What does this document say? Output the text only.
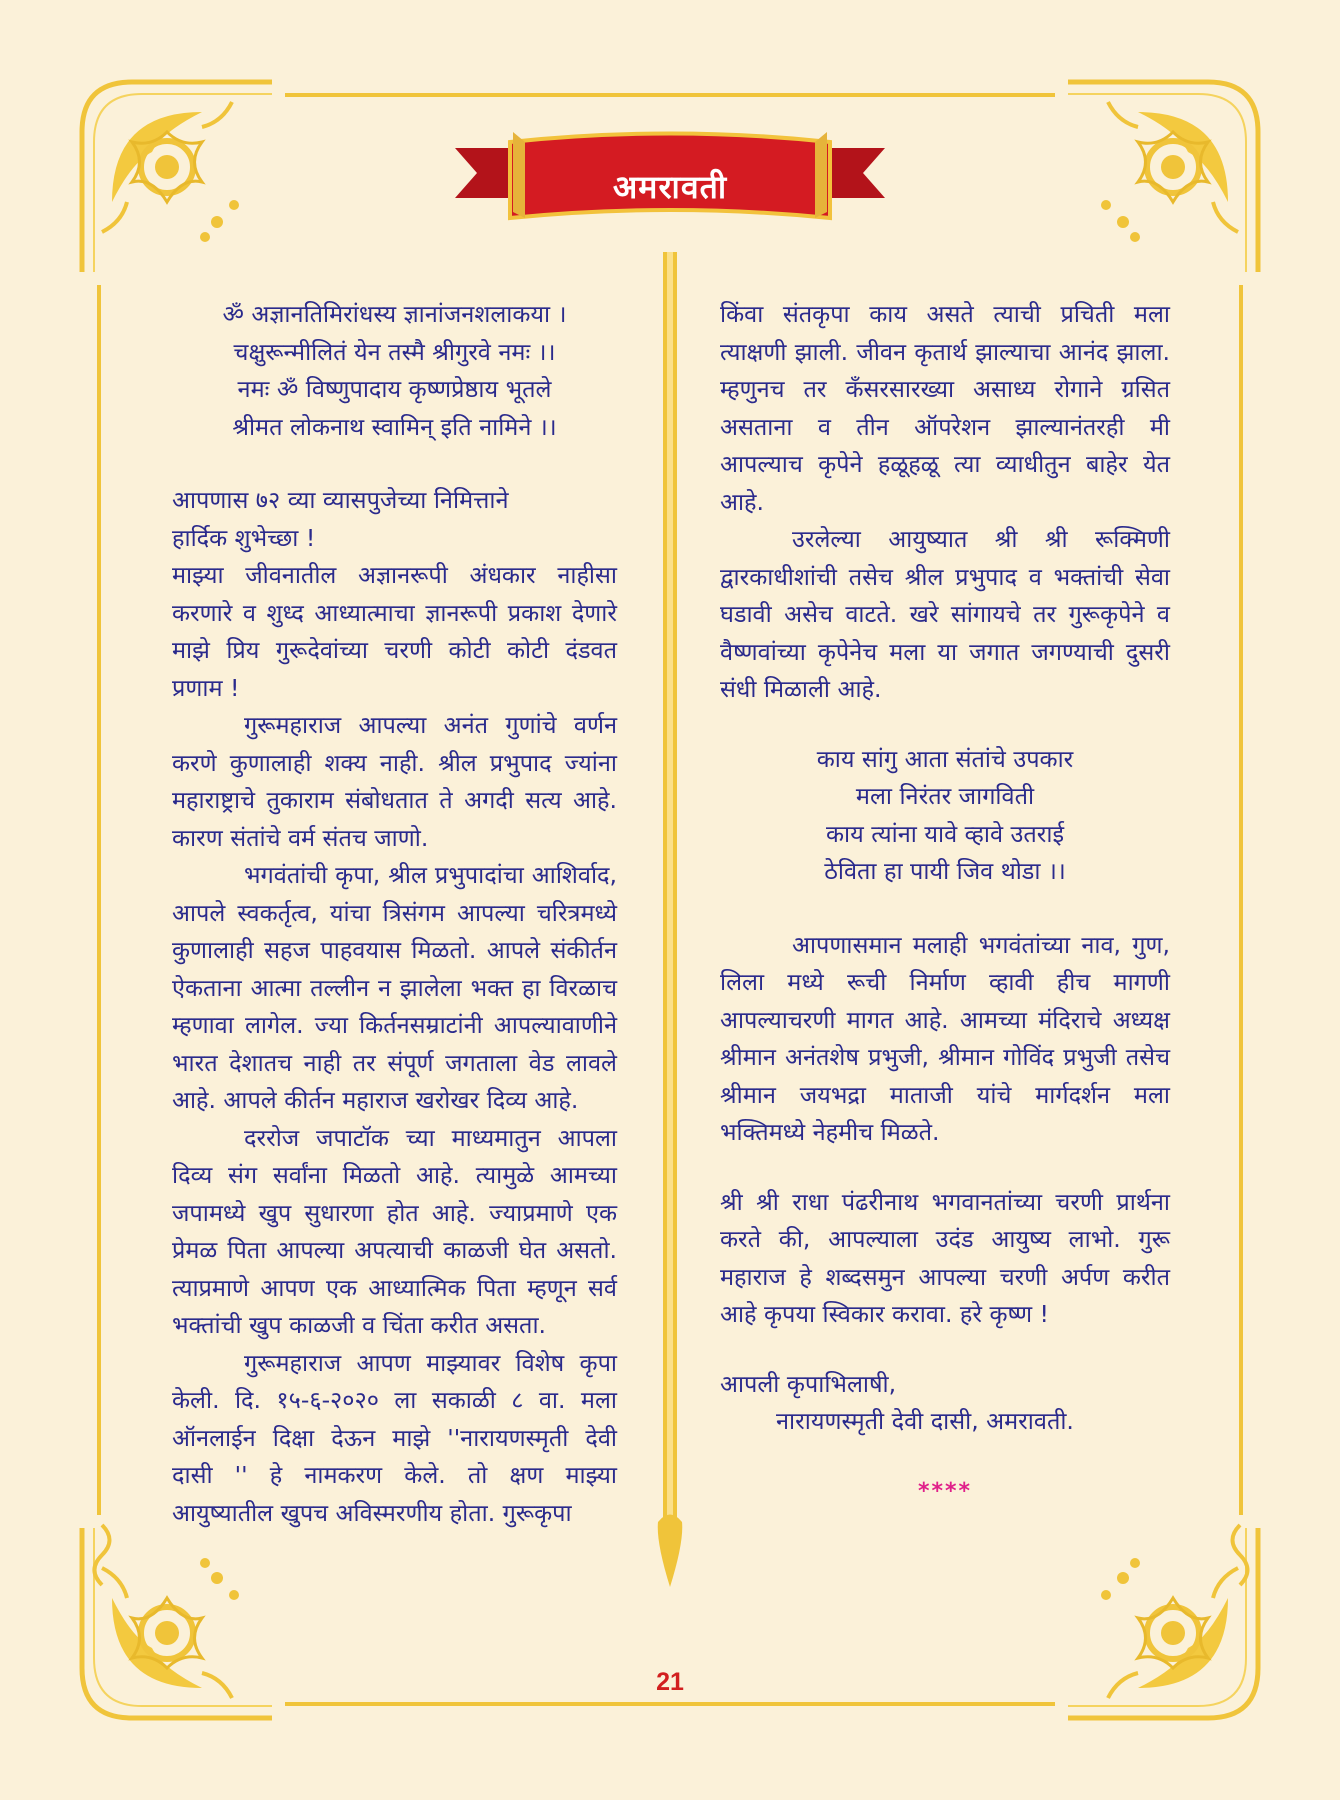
अमरावती

ॐ अज्ञानतिमिरांधस्य ज्ञानांजनशलाकया ।

चक्षुरून्मीलितं येन तस्मै श्रीगुरवे नमः ।।

नमः ॐ विष्णुपादाय कृष्णप्रेष्ठाय भूतले

श्रीमत लोकनाथ स्वामिन् इति नामिने ।।

आपणास ७२ व्या व्यासपुजेच्या निमित्ताने

हार्दिक शुभेच्छा !

माझ्या जीवनातील अज्ञानरूपी अंधकार नाहीसा करणारे व शुध्द आध्यात्माचा ज्ञानरूपी प्रकाश देणारे माझे प्रिय गुरूदेवांच्या चरणी कोटी कोटी दंडवत प्रणाम !

गुरूमहाराज आपल्या अनंत गुणांचे वर्णन करणे कुणालाही शक्य नाही. श्रील प्रभुपाद ज्यांना महाराष्ट्राचे तुकाराम संबोधतात ते अगदी सत्य आहे. कारण संतांचे वर्म संतच जाणो.

भगवंतांची कृपा, श्रील प्रभुपादांचा आशिर्वाद, आपले स्वकर्तृत्व, यांचा त्रिसंगम आपल्या चरित्रमध्ये कुणालाही सहज पाहवयास मिळतो. आपले संकीर्तन ऐकताना आत्मा तल्लीन न झालेला भक्त हा विरळाच म्हणावा लागेल. ज्या किर्तनसम्राटांनी आपल्यावाणीने भारत देशातच नाही तर संपूर्ण जगताला वेड लावले आहे. आपले कीर्तन महाराज खरोखर दिव्य आहे.

दररोज जपाटॉक च्या माध्यमातुन आपला दिव्य संग सर्वांना मिळतो आहे. त्यामुळे आमच्या जपामध्ये खुप सुधारणा होत आहे. ज्याप्रमाणे एक प्रेमळ पिता आपल्या अपत्याची काळजी घेत असतो. त्याप्रमाणे आपण एक आध्यात्मिक पिता म्हणून सर्व भक्तांची खुप काळजी व चिंता करीत असता.

गुरूमहाराज आपण माझ्यावर विशेष कृपा केली. दि. १५-६-२०२० ला सकाळी ८ वा. मला ऑनलाईन दिक्षा देऊन माझे ''नारायणस्मृती देवी दासी '' हे नामकरण केले. तो क्षण माझ्या आयुष्यातील खुपच अविस्मरणीय होता. गुरूकृपा

किंवा संतकृपा काय असते त्याची प्रचिती मला त्याक्षणी झाली. जीवन कृतार्थ झाल्याचा आनंद झाला. म्हणुनच तर कॅंसरसारख्या असाध्य रोगाने ग्रसित असताना व तीन ऑपरेशन झाल्यानंतरही मी आपल्याच कृपेने हळूहळू त्या व्याधीतुन बाहेर येत आहे.

उरलेल्या आयुष्यात श्री श्री रूक्मिणी द्वारकाधीशांची तसेच श्रील प्रभुपाद व भक्तांची सेवा घडावी असेच वाटते. खरे सांगायचे तर गुरूकृपेने व वैष्णवांच्या कृपेनेच मला या जगात जगण्याची दुसरी संधी मिळाली आहे.

काय सांगु आता संतांचे उपकार

मला निरंतर जागविती

काय त्यांना यावे व्हावे उतराई

ठेविता हा पायी जिव थोडा ।।

आपणासमान मलाही भगवंतांच्या नाव, गुण, लिला मध्ये रूची निर्माण व्हावी हीच मागणी आपल्याचरणी मागत आहे. आमच्या मंदिराचे अध्यक्ष श्रीमान अनंतशेष प्रभुजी, श्रीमान गोविंद प्रभुजी तसेच श्रीमान जयभद्रा माताजी यांचे मार्गदर्शन मला भक्तिमध्ये नेहमीच मिळते.

श्री श्री राधा पंढरीनाथ भगवानतांच्या चरणी प्रार्थना करते की, आपल्याला उदंड आयुष्य लाभो. गुरू महाराज हे शब्दसमुन आपल्या चरणी अर्पण करीत आहे कृपया स्विकार करावा. हरे कृष्ण !

आपली कृपाभिलाषी,

नारायणस्मृती देवी दासी, अमरावती.

****

21
